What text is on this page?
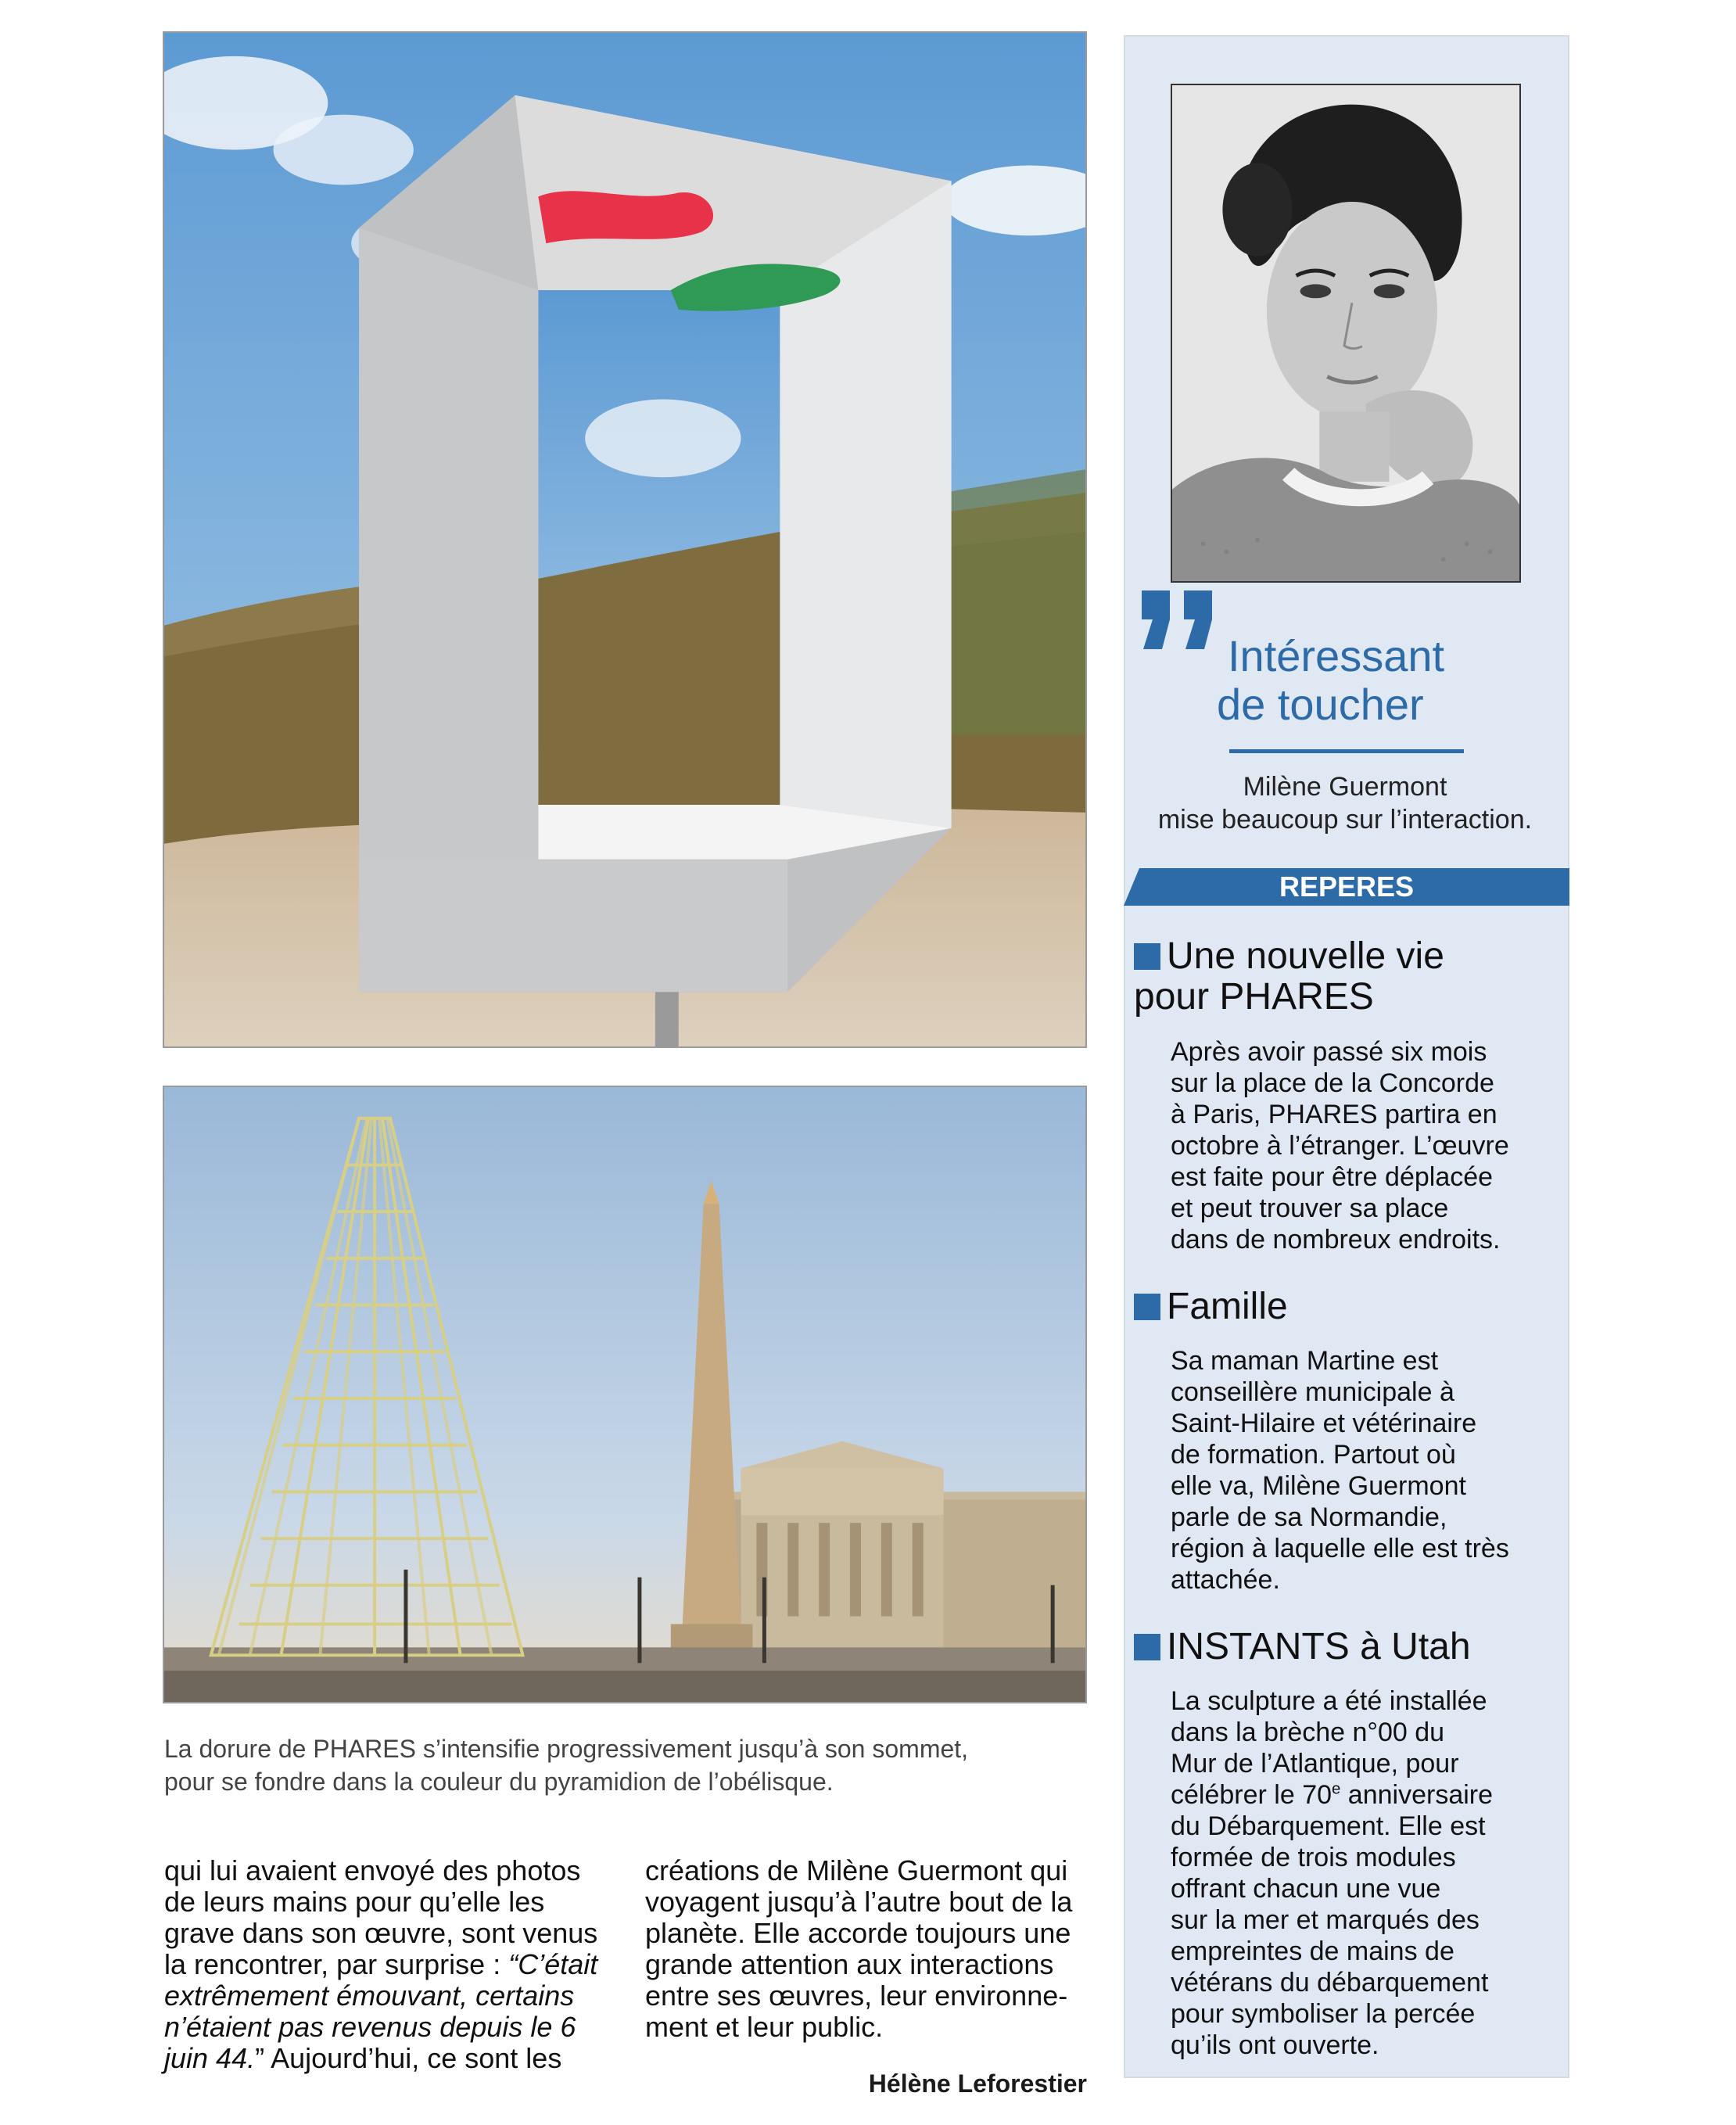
La dorure de PHARES s’intensifie progressivement jusqu’à son sommet,
pour se fondre dans la couleur du pyramidion de l’obélisque.
qui lui avaient envoyé des photos
de leurs mains pour qu’elle les
grave dans son œuvre, sont venus
la rencontrer, par surprise : “C’était
extrêmement émouvant, certains
n’étaient pas revenus depuis le 6
juin 44.” Aujourd’hui, ce sont les
créations de Milène Guermont qui
voyagent jusqu’à l’autre bout de la
planète. Elle accorde toujours une
grande attention aux interactions
entre ses œuvres, leur environne-
ment et leur public.
Hélène Leforestier
Intéressant
de toucher
Milène Guermont
mise beaucoup sur l’interaction.
REPERES
Une nouvelle vie
pour PHARES
Après avoir passé six mois
sur la place de la Concorde
à Paris, PHARES partira en
octobre à l’étranger. L’œuvre
est faite pour être déplacée
et peut trouver sa place
dans de nombreux endroits.
Famille
Sa maman Martine est
conseillère municipale à
Saint-Hilaire et vétérinaire
de formation. Partout où
elle va, Milène Guermont
parle de sa Normandie,
région à laquelle elle est très
attachée.
INSTANTS à Utah
La sculpture a été installée
dans la brèche n°00 du
Mur de l’Atlantique, pour
célébrer le 70e anniversaire
du Débarquement. Elle est
formée de trois modules
offrant chacun une vue
sur la mer et marqués des
empreintes de mains de
vétérans du débarquement
pour symboliser la percée
qu’ils ont ouverte.
